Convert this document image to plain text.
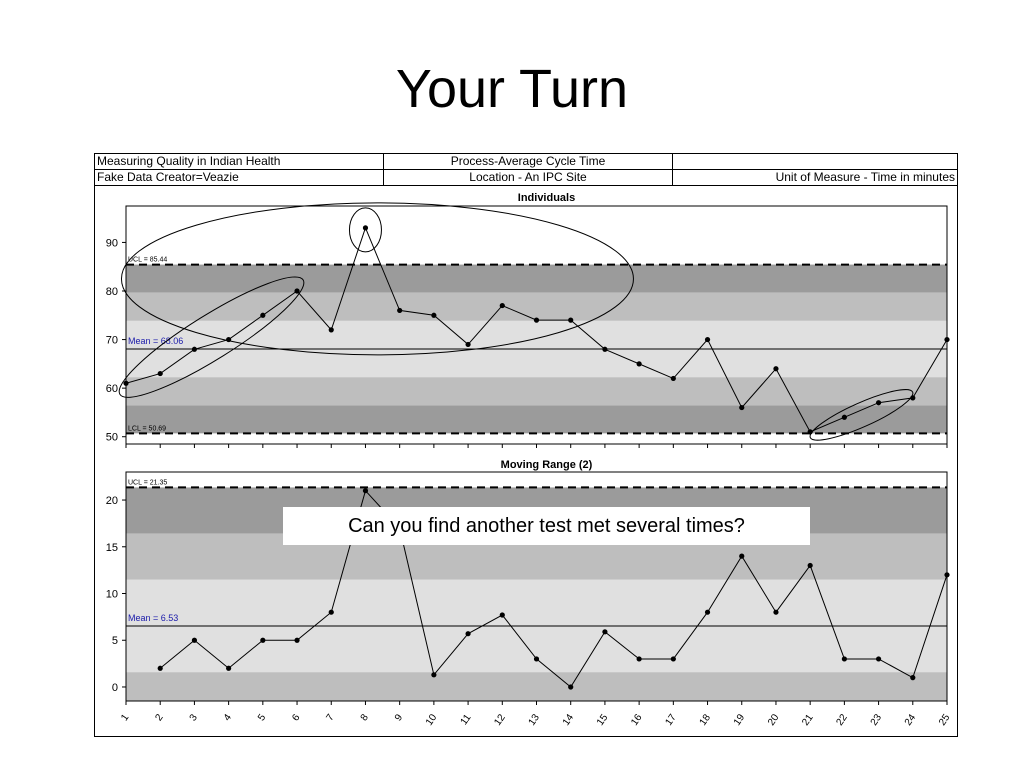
Your Turn
Measuring Quality in Indian Health	Process-Average Cycle Time	
Fake Data Creator=Veazie	Location - An IPC Site	Unit of Measure - Time in minutes
Individuals
50
60
70
80
90
UCL = 85.44
Mean = 68.06
LCL = 50.69
Moving Range (2)
0
5
10
15
20
UCL = 21.35
Mean = 6.53
1 2 3 4 5 6 7 8 9 10 11 12 13 14 15 16 17 18 19 20 21 22 23 24 25
Can you find another test met several times?
